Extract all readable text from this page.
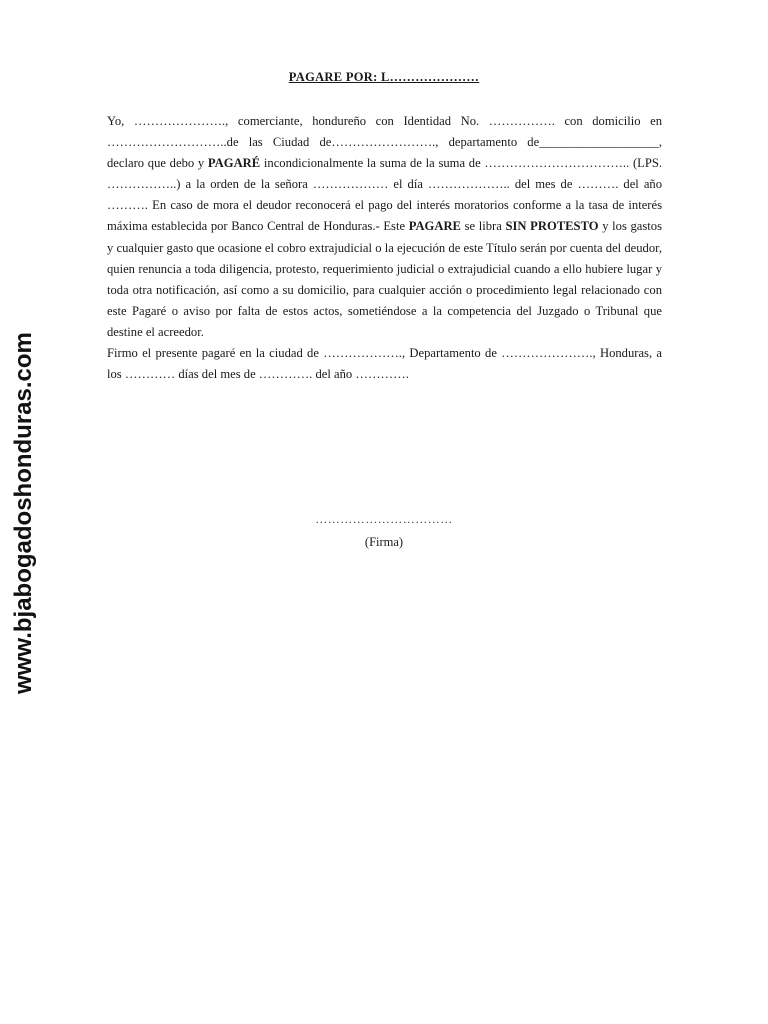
www.bjabogadoshonduras.com
PAGARE POR: L…………………

Yo, …………………., comerciante, hondureño con Identidad No. ……………. con domicilio en ………………………..de las Ciudad de……………………., departamento de___________________, declaro que debo y PAGARÉ incondicionalmente la suma de la suma de …………………………….. (LPS. ……………..) a la orden de la señora ……………… el día ……………….. del mes de ………. del año ………. En caso de mora el deudor reconocerá el pago del interés moratorios conforme a la tasa de interés máxima establecida por Banco Central de Honduras.- Este PAGARE se libra SIN PROTESTO y los gastos y cualquier gasto que ocasione el cobro extrajudicial o la ejecución de este Título serán por cuenta del deudor, quien renuncia a toda diligencia, protesto, requerimiento judicial o extrajudicial cuando a ello hubiere lugar y toda otra notificación, así como a su domicilio, para cualquier acción o procedimiento legal relacionado con este Pagaré o aviso por falta de estos actos, sometiéndose a la competencia del Juzgado o Tribunal que destine el acreedor.

Firmo el presente pagaré en la ciudad de ………………., Departamento de …………………., Honduras, a los ………… días del mes de …………. del año ………….

……………………………
(Firma)
